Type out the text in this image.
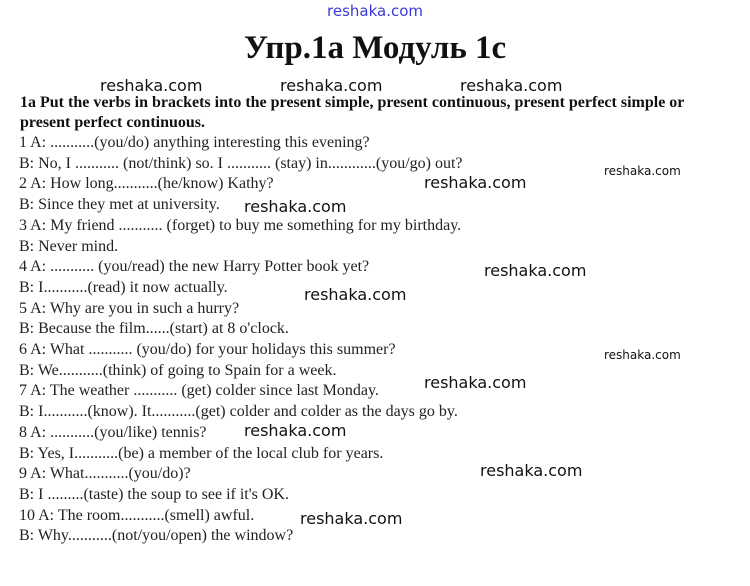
reshaka.com
Упр.1a Модуль 1с
reshaka.com	reshaka.com	reshaka.com
1a Put the verbs in brackets into the present simple, present continuous, present perfect simple or present perfect continuous.
1 A: ...........(you/do) anything interesting this evening?
B: No, I ........... (not/think) so. I ........... (stay) in............(you/go) out?
2 A: How long...........(he/know) Kathy?
B: Since they met at university.
3 A: My friend ........... (forget) to buy me something for my birthday.
B: Never mind.
4 A: ........... (you/read) the new Harry Potter book yet?
B: I...........(read) it now actually.
5 A: Why are you in such a hurry?
B: Because the film......(start) at 8 o'clock.
6 A: What ........... (you/do) for your holidays this summer?
B: We...........(think) of going to Spain for a week.
7 A: The weather ........... (get) colder since last Monday.
B: I...........(know). It...........(get) colder and colder as the days go by.
8 A: ...........(you/like) tennis?
B: Yes, I...........(be) a member of the local club for years.
9 A: What...........(you/do)?
B: I .........(taste) the soup to see if it's OK.
10 A: The room...........(smell) awful.
B: Why...........(not/you/open) the window?
reshaka.com
reshaka.com
reshaka.com
reshaka.com
reshaka.com
reshaka.com
reshaka.com
reshaka.com
reshaka.com
reshaka.com
